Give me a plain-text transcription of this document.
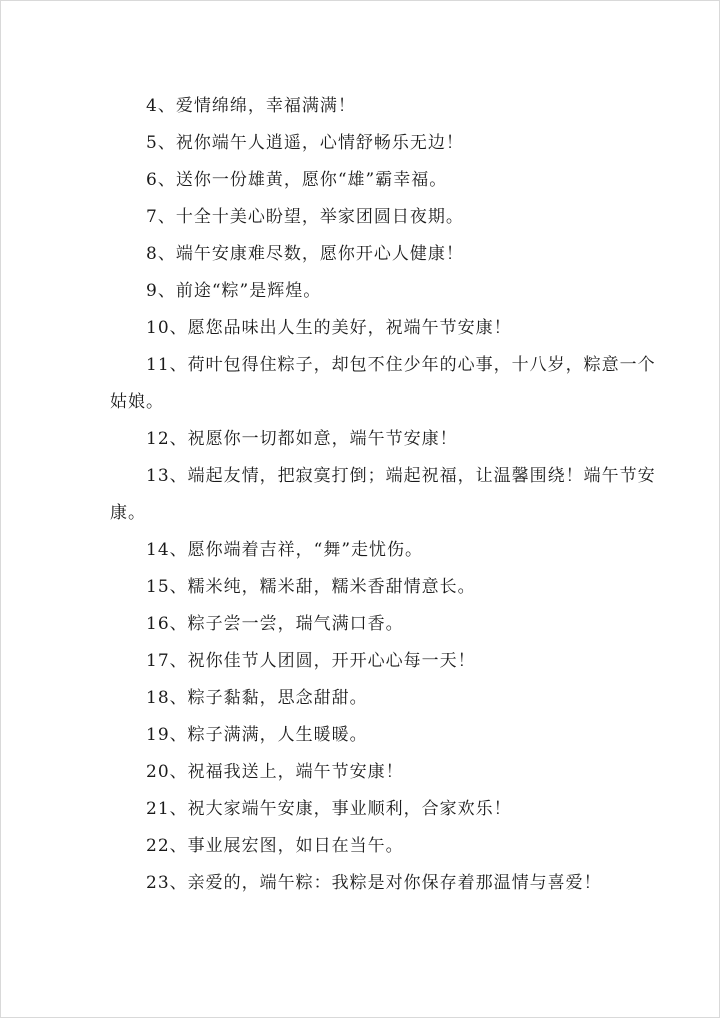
4、爱情绵绵，幸福满满！
5、祝你端午人逍遥，心情舒畅乐无边！
6、送你一份雄黄，愿你“雄”霸幸福。
7、十全十美心盼望，举家团圆日夜期。
8、端午安康难尽数，愿你开心人健康！
9、前途“粽”是辉煌。
10、愿您品味出人生的美好，祝端午节安康！
11、荷叶包得住粽子，却包不住少年的心事，十八岁，粽意一个
姑娘。
12、祝愿你一切都如意，端午节安康！
13、端起友情，把寂寞打倒；端起祝福，让温馨围绕！端午节安
康。
14、愿你端着吉祥，“舞”走忧伤。
15、糯米纯，糯米甜，糯米香甜情意长。
16、粽子尝一尝，瑞气满口香。
17、祝你佳节人团圆，开开心心每一天！
18、粽子黏黏，思念甜甜。
19、粽子满满，人生暖暖。
20、祝福我送上，端午节安康！
21、祝大家端午安康，事业顺利，合家欢乐！
22、事业展宏图，如日在当午。
23、亲爱的，端午粽：我粽是对你保存着那温情与喜爱！
